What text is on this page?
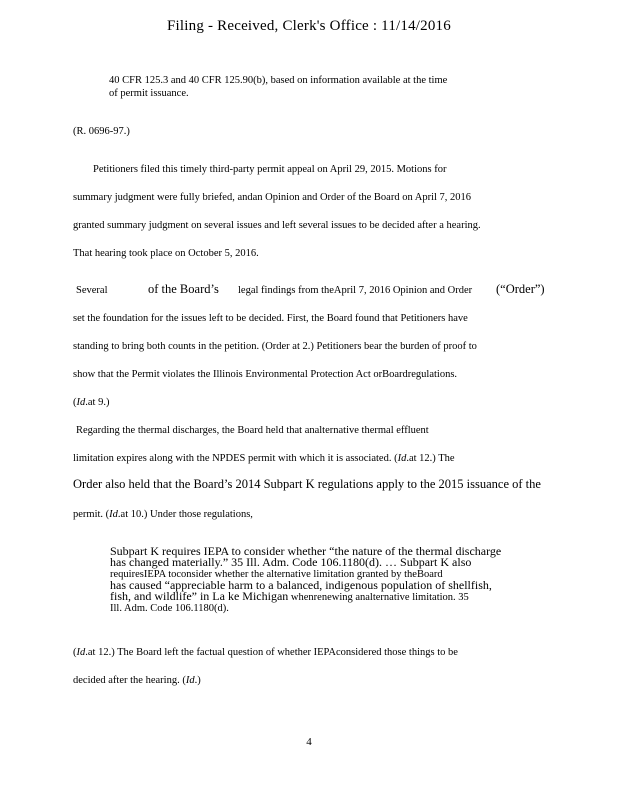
Filing - Received, Clerk's Office : 11/14/2016
40 CFR 125.3 and 40 CFR 125.90(b), based on information available at the time
of permit issuance.
(R. 0696-97.)
Petitioners filed this timely third-party permit appeal on April 29, 2015. Motions for
summary judgment were fully briefed, andan Opinion and Order of the Board on April 7, 2016
granted summary judgment on several issues and left several issues to be decided after a hearing.
That hearing took place on October 5, 2016.
Several	of the Board’s legal findings from theApril 7, 2016 Opinion and Order (“Order”)
set the foundation for the issues left to be decided. First, the Board found that Petitioners have
standing to bring both counts in the petition. (Order at 2.) Petitioners bear the burden of proof to
show that the Permit violates the Illinois Environmental Protection Act orBoardregulations.
(Id.at 9.)
Regarding the thermal discharges, the Board held that analternative thermal effluent
limitation expires along with the NPDES permit with which it is associated. (Id.at 12.) The
Order also held that the Board’s 2014 Subpart K regulations apply to the 2015 issuance of the
permit. (Id.at 10.) Under those regulations,
Subpart K requires IEPA to consider whether “the nature of the thermal discharge
has changed materially.” 35 Ill. Adm. Code 106.1180(d). … Subpart K also
requiresIEPA toconsider whether the alternative limitation granted by theBoard
has caused “appreciable harm to a balanced, indigenous population of shellfish,
fish, and wildlife” in La ke Michigan whenrenewing analternative limitation. 35
Ill. Adm. Code 106.1180(d).
(Id.at 12.) The Board left the factual question of whether IEPAconsidered those things to be
decided after the hearing. (Id.)
4
